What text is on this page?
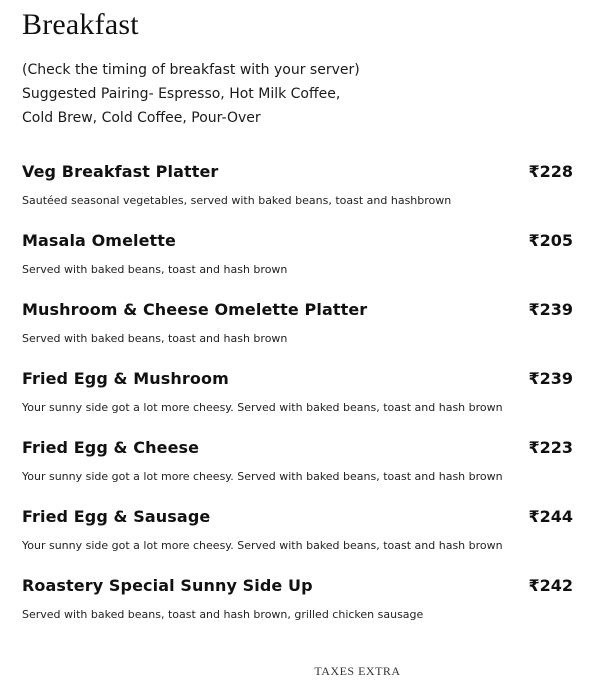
Breakfast
(Check the timing of breakfast with your server)
Suggested Pairing- Espresso, Hot Milk Coffee,
Cold Brew, Cold Coffee, Pour-Over
Veg Breakfast Platter	₹228
Sautéed seasonal vegetables, served with baked beans, toast and hashbrown
Masala Omelette	₹205
Served with baked beans, toast and hash brown
Mushroom & Cheese Omelette Platter	₹239
Served with baked beans, toast and hash brown
Fried Egg & Mushroom	₹239
Your sunny side got a lot more cheesy. Served with baked beans, toast and hash brown
Fried Egg & Cheese	₹223
Your sunny side got a lot more cheesy. Served with baked beans, toast and hash brown
Fried Egg & Sausage	₹244
Your sunny side got a lot more cheesy. Served with baked beans, toast and hash brown
Roastery Special Sunny Side Up	₹242
Served with baked beans, toast and hash brown, grilled chicken sausage
TAXES EXTRA
